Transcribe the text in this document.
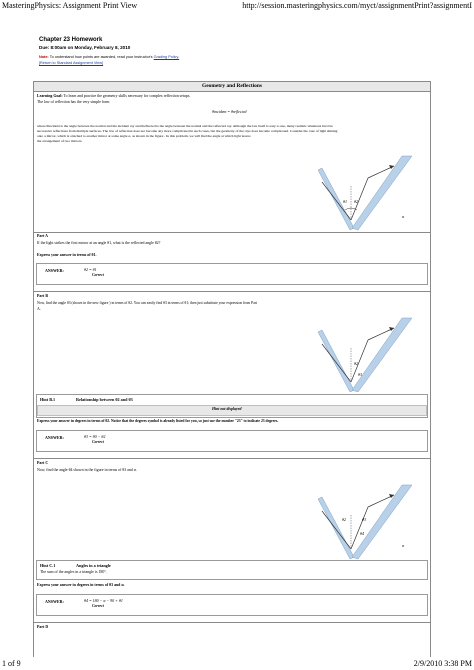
MasteringPhysics: Assignment Print View	http://session.masteringphysics.com/myct/assignmentPrint?assignmentI
Chapter 23 Homework
Due: 8:00am on Monday, February 8, 2010
Note: To understand how points are awarded, read your instructor's Grading Policy.
[Return to Standard Assignment View]
Geometry and Reflections
Learning Goal: To learn and practice the geometry skills necessary for complex reflection setups.
The law of reflection has the very simple form
θincident = θreflected
where θincident is the angle between the normal and the incident ray and θreflected is the angle between the normal and the reflected ray. Although the law itself is easy to use, many realistic situations involve
successive reflections from multiple surfaces. The law of reflection does not become any more complicated in such cases, but the geometry of the rays does become complicated. Consider the case of light shining
onto a mirror, which is attached to another mirror at some angle α, as shown in the figure . In this problem, we will find the angle at which light leaves
the arrangement of two mirrors.
θ1 θ2
α
Part A
If the light strikes the first mirror at an angle θ1, what is the reflected angle θ2?
Express your answer in terms of θ1.
ANSWER:	θ2 = θ1
Correct
Part B
Now, find the angle θ3 (shown in the new figure ) in terms of θ2. You can easily find θ3 in terms of θ1; then just substitute your expression from Part
A.
θ2
θ3
Hint B.1	Relationship between θ2 and θ3
Hint not displayed
Express your answer in degrees in terms of θ2. Notice that the degrees symbol is already listed for you, so just use the number "23" to indicate 23 degrees.
ANSWER:	θ3 = 90 − θ2
Correct
Part C
Now, find the angle θ4 shown in the figure in terms of θ3 and α.
θ2	θ3
θ4
α
Hint C.1	Angles in a triangle
The sum of the angles in a triangle is 180°.
Express your answer in degrees in terms of θ3 and α.
ANSWER:	θ4 = 180 − α − 90 + θ1
Correct
Part D
1 of 9	2/9/2010 3:38 PM
